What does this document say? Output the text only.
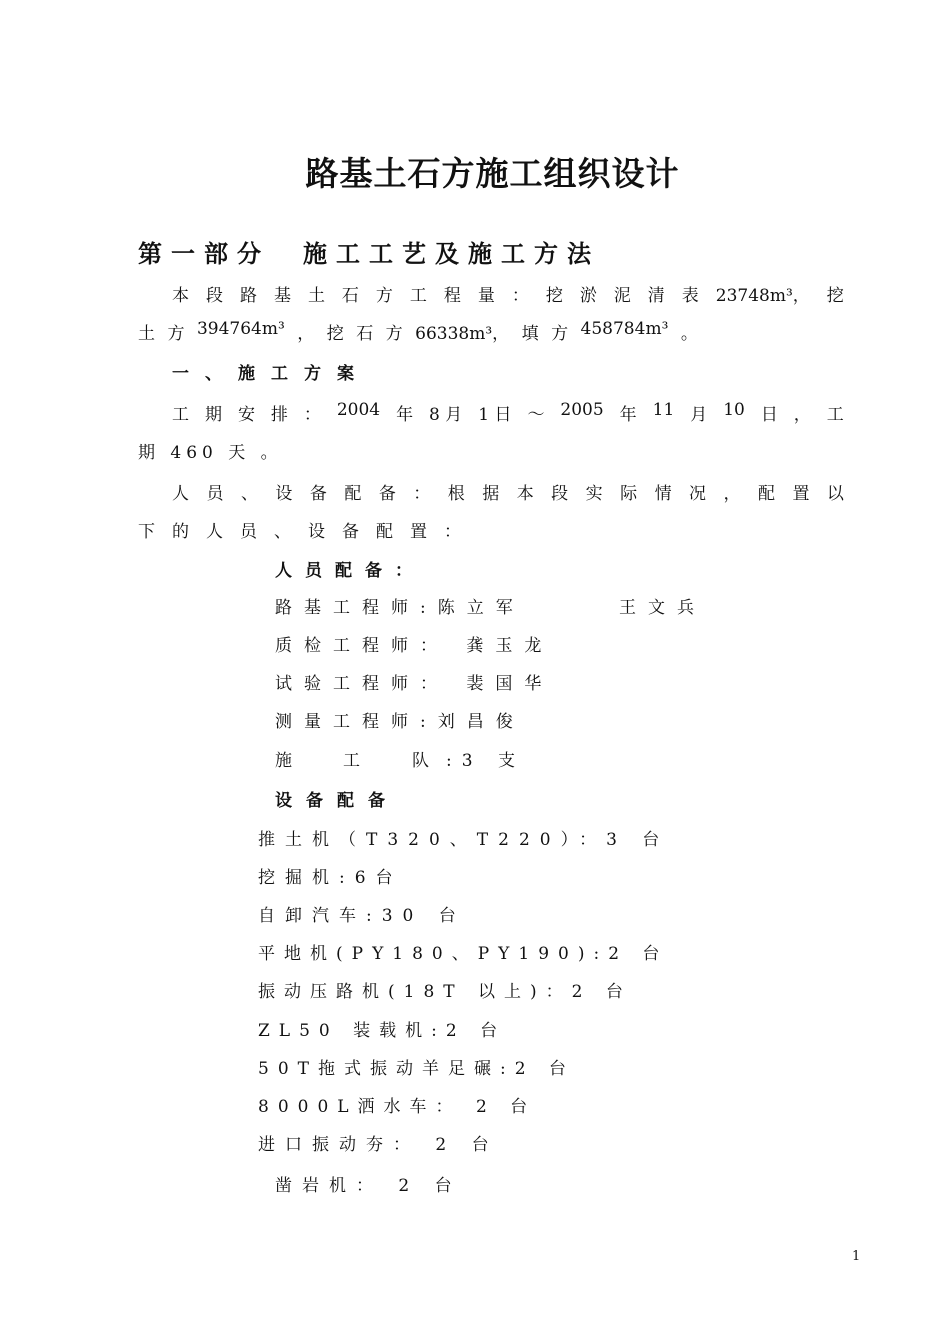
路基土石方施工组织设计
第一部分　施工工艺及施工方法
本 段 路 基 土 石 方 工 程 量 ： 挖 淤 泥 清 表 23748m³， 挖
土 方 394764m³ ， 挖 石 方 66338m³， 填 方 458784m³ 。
一、施工方案
工 期 安 排 ： 2004 年 8 月 1 日 ～ 2005 年 11 月 10 日 ， 工
期 460 天 。
人 员 、 设 备 配 备 ： 根 据 本 段 实 际 情 况 ， 配 置 以
下的人员、设备配置：
人员配备：
路基工程师:陈立军	王文兵
质检工程师： 龚玉龙
试验工程师： 裴国华
测量工程师:刘昌俊
施 工	队 :3 支
设备配备
推土机（T320、T220）：3 台
挖掘机:6台
自卸汽车:30 台
平地机(PY180、PY190):2 台
振动压路机(18T 以上)：2 台
ZL50 装载机:2 台
50T拖式振动羊足碾:2 台
8000L洒水车： 2 台
进口振动夯： 2 台
凿岩机： 2 台
1
